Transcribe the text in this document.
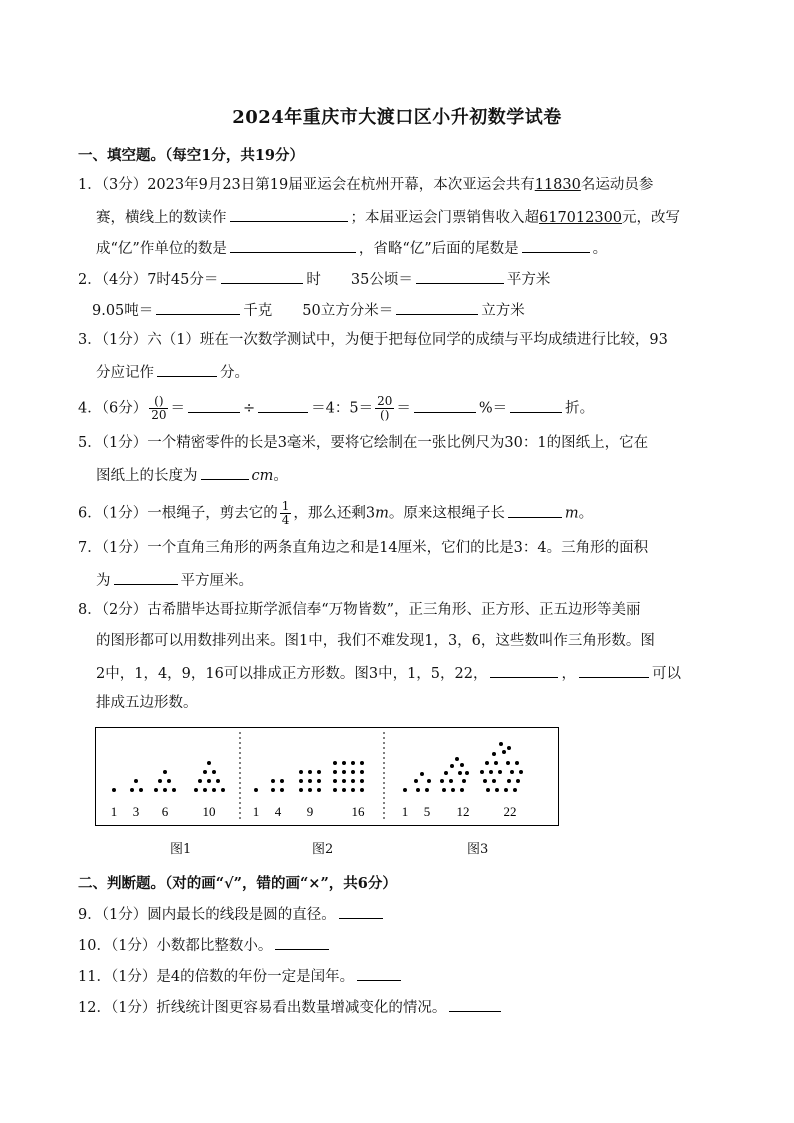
2024年重庆市大渡口区小升初数学试卷
一、填空题。（每空1分，共19分）
1．（3分）2023年9月23日第19届亚运会在杭州开幕，本次亚运会共有11830名运动员参
赛，横线上的数读作	；本届亚运会门票销售收入超617012300元，改写
成“亿”作单位的数是	，省略“亿”后面的尾数是	。
2．（4分）7时45分＝	时 35公顷＝	平方米
9.05吨＝	千克 50立方分米＝	立方米
3．（1分）六（1）班在一次数学测试中，为便于把每位同学的成绩与平均成绩进行比较，93
分应记作	分。
4．（6分） $\frac{()}{20}$ ＝	÷	＝4：$5= \frac{20}{()}$ ＝	%＝	折。
5．（1分）一个精密零件的长是3毫米，要将它绘制在一张比例尺为30：1的图纸上，它在
图纸上的长度为	cm。
6．（1分）一根绳子，剪去它的 $\frac{1}{4}$ ，那么还剩3m。原来这根绳子长	m。
7．（1分）一个直角三角形的两条直角边之和是14厘米，它们的比是3：4。三角形的面积
为	平方厘米。
8．（2分）古希腊毕达哥拉斯学派信奉“万物皆数”，正三角形、正方形、正五边形等美丽
的图形都可以用数排列出来。图1中，我们不难发现1，3，6，这些数叫作三角形数。图
2中，1，4，9，16可以排成正方形数。图3中，1，5，22，	，	可以
排成五边形数。
1 3 6	10	1 4 9	16	1 5 12	22
图1	图2	图3
二、判断题。（对的画“√”，错的画“×”，共6分）
9．（1分）圆内最长的线段是圆的直径。
10．（1分）小数都比整数小。
11．（1分）是4的倍数的年份一定是闰年。
12．（1分）折线统计图更容易看出数量增减变化的情况。
